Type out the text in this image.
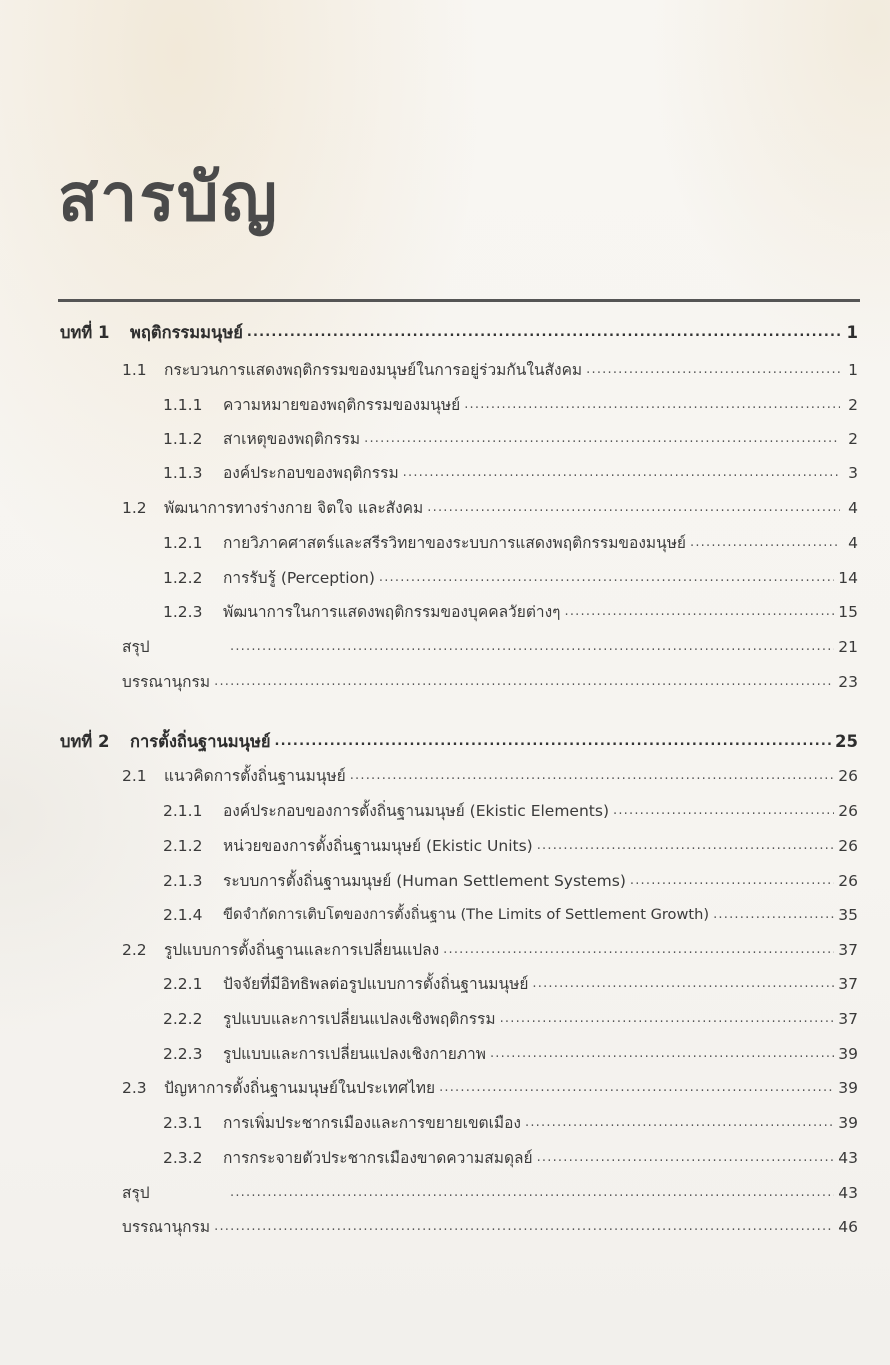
สารบัญ
บทที่ 1	พฤติกรรมมนุษย์ .....	1
1.1	กระบวนการแสดงพฤติกรรมของมนุษย์ในการอยู่ร่วมกันในสังคม .....	1
1.1.1	ความหมายของพฤติกรรมของมนุษย์ .....	2
1.1.2	สาเหตุของพฤติกรรม .....	2
1.1.3	องค์ประกอบของพฤติกรรม .....	3
1.2	พัฒนาการทางร่างกาย จิตใจ และสังคม .....	4
1.2.1	กายวิภาคศาสตร์และสรีรวิทยาของระบบการแสดงพฤติกรรมของมนุษย์ .....	4
1.2.2	การรับรู้ (Perception) .....	14
1.2.3	พัฒนาการในการแสดงพฤติกรรมของบุคคลวัยต่างๆ .....	15
สรุป .....	21
บรรณานุกรม .....	23
บทที่ 2	การตั้งถิ่นฐานมนุษย์ .....	25
2.1	แนวคิดการตั้งถิ่นฐานมนุษย์ .....	26
2.1.1	องค์ประกอบของการตั้งถิ่นฐานมนุษย์ (Ekistic Elements) .....	26
2.1.2	หน่วยของการตั้งถิ่นฐานมนุษย์ (Ekistic Units) .....	26
2.1.3	ระบบการตั้งถิ่นฐานมนุษย์ (Human Settlement Systems) .....	26
2.1.4	ขีดจำกัดการเติบโตของการตั้งถิ่นฐาน (The Limits of Settlement Growth) .....	35
2.2	รูปแบบการตั้งถิ่นฐานและการเปลี่ยนแปลง .....	37
2.2.1	ปัจจัยที่มีอิทธิพลต่อรูปแบบการตั้งถิ่นฐานมนุษย์ .....	37
2.2.2	รูปแบบและการเปลี่ยนแปลงเชิงพฤติกรรม .....	37
2.2.3	รูปแบบและการเปลี่ยนแปลงเชิงกายภาพ .....	39
2.3	ปัญหาการตั้งถิ่นฐานมนุษย์ในประเทศไทย .....	39
2.3.1	การเพิ่มประชากรเมืองและการขยายเขตเมือง .....	39
2.3.2	การกระจายตัวประชากรเมืองขาดความสมดุลย์ .....	43
สรุป .....	43
บรรณานุกรม .....	46
